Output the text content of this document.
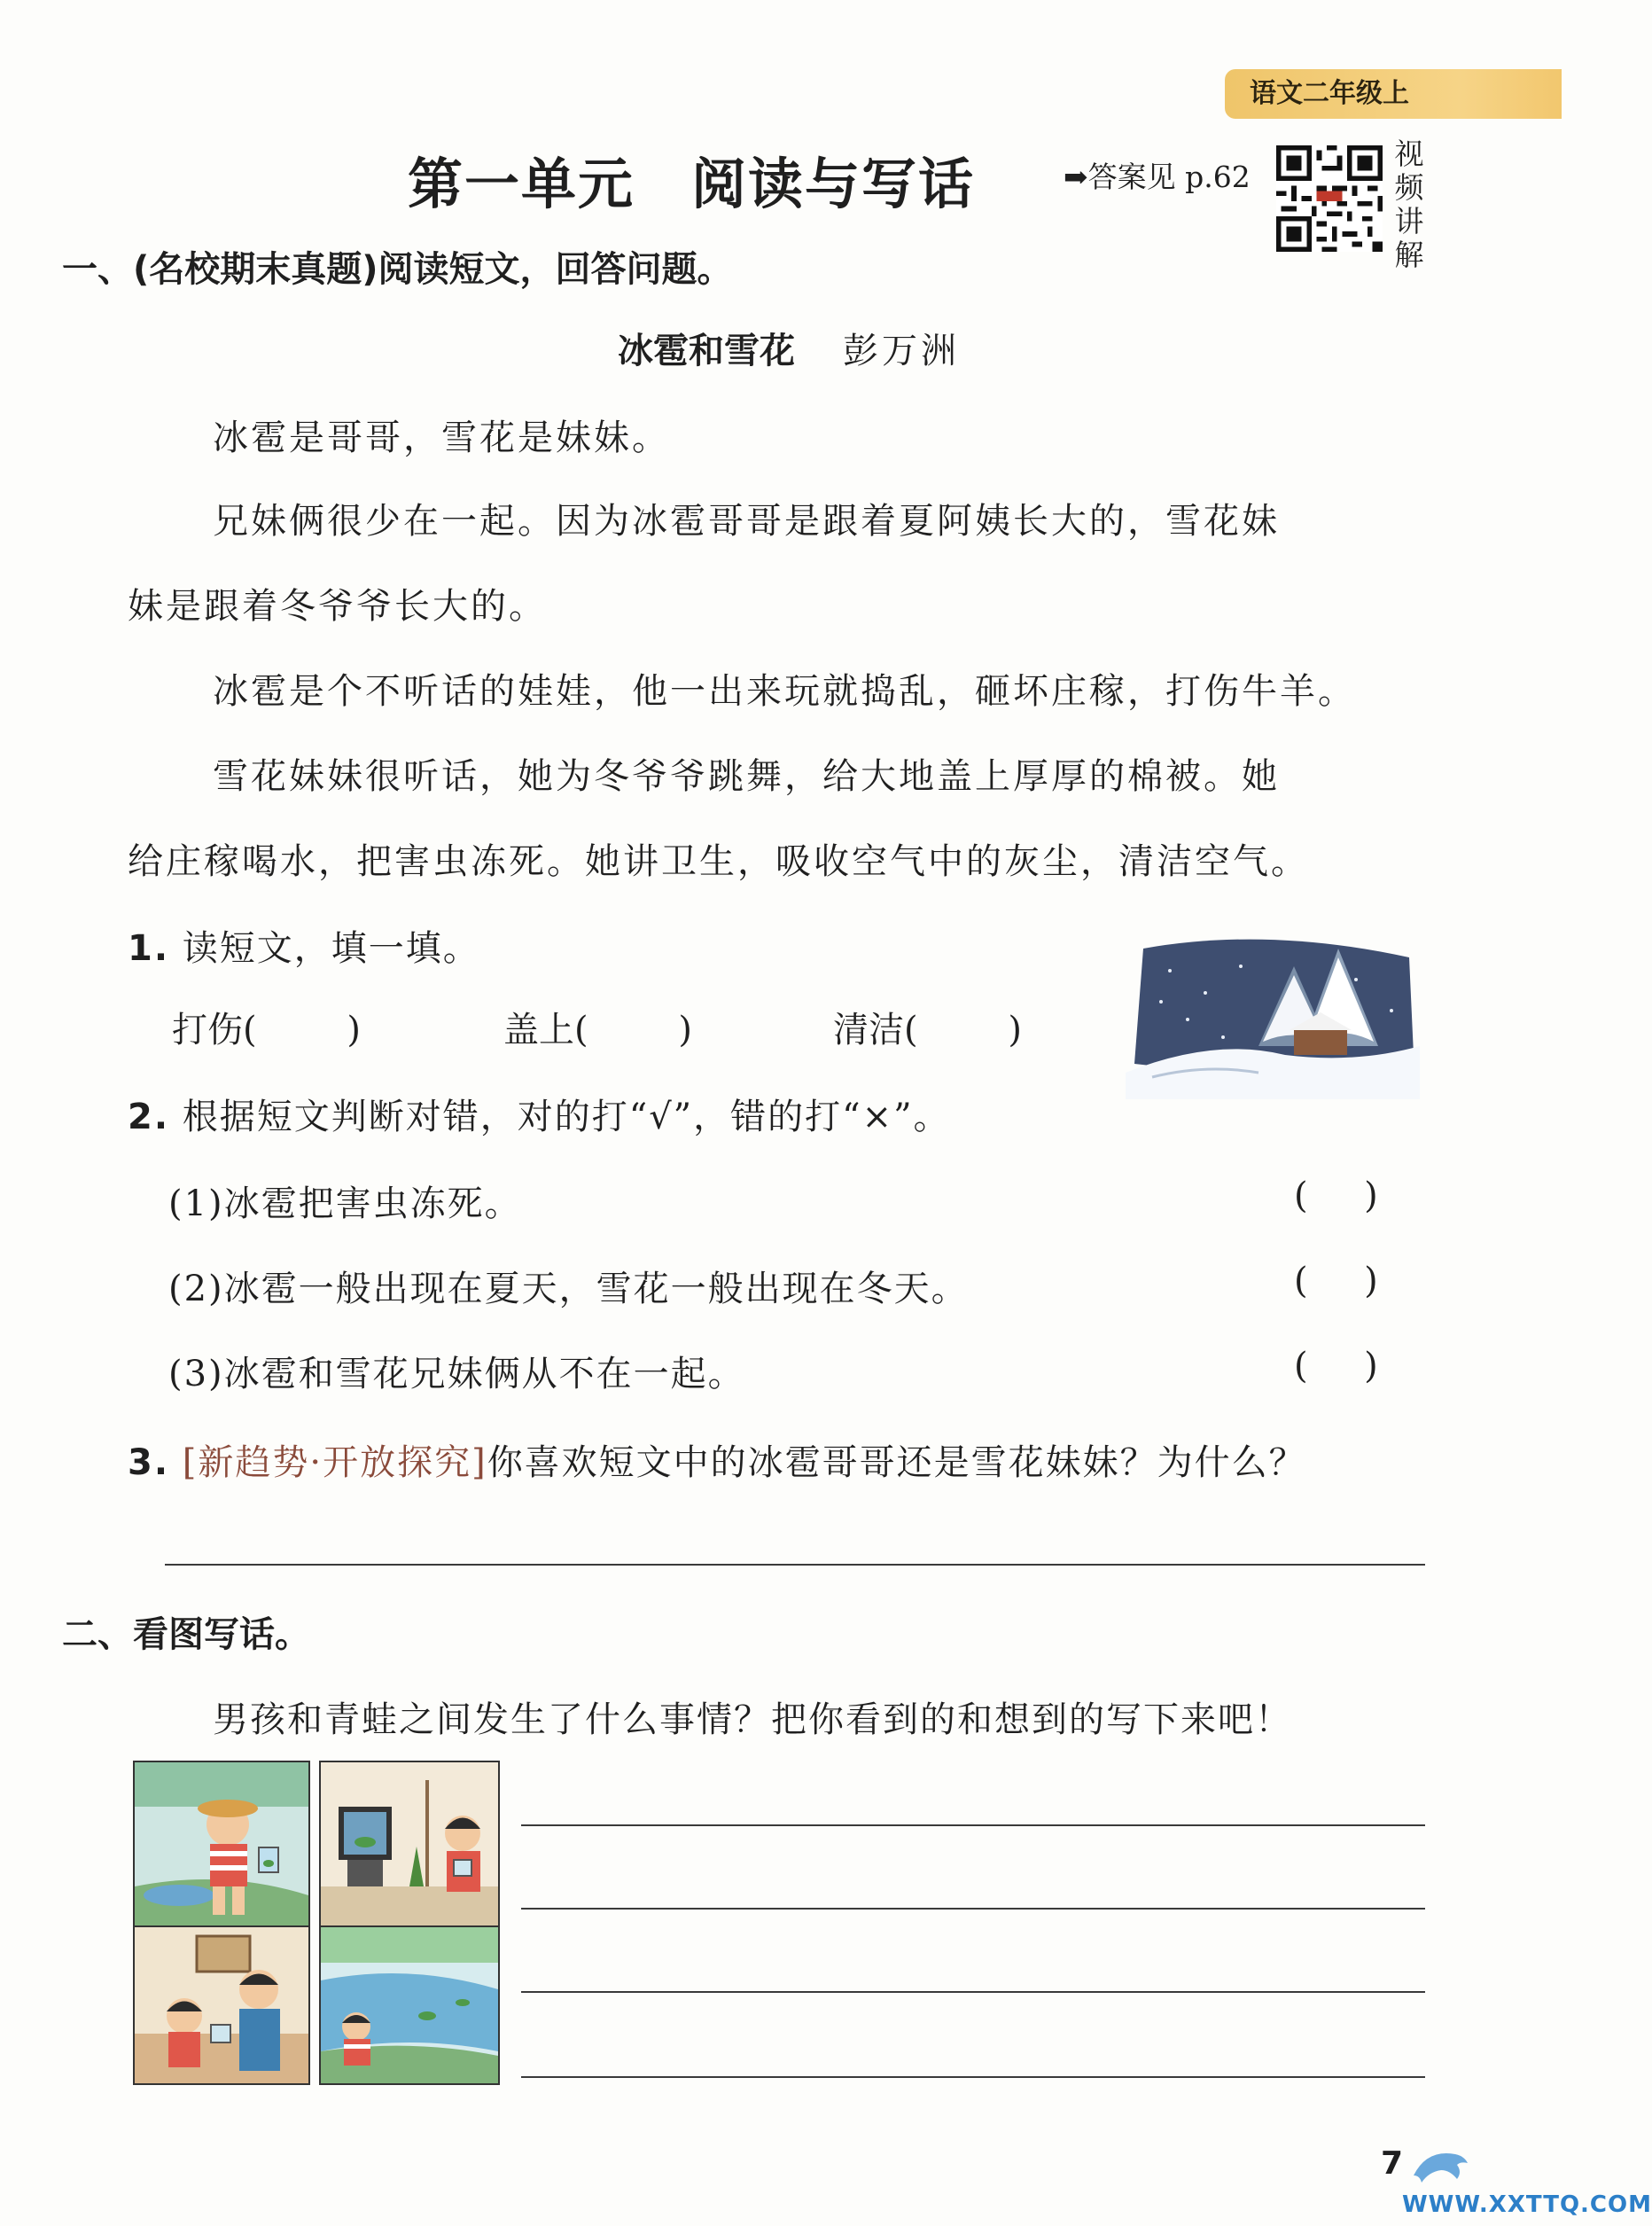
语文二年级上
第一单元　阅读与写话	➡答案见 p.62
视
频
讲
解
一、(名校期末真题)阅读短文，回答问题。
冰雹和雪花 彭万洲
冰雹是哥哥，雪花是妹妹。
兄妹俩很少在一起。因为冰雹哥哥是跟着夏阿姨长大的，雪花妹
妹是跟着冬爷爷长大的。
冰雹是个不听话的娃娃，他一出来玩就捣乱，砸坏庄稼，打伤牛羊。
雪花妹妹很听话，她为冬爷爷跳舞，给大地盖上厚厚的棉被。她
给庄稼喝水，把害虫冻死。她讲卫生，吸收空气中的灰尘，清洁空气。
1. 读短文，填一填。
打伤(        )	盖上(        )	清洁(        )
2. 根据短文判断对错，对的打“√”，错的打“×”。
(1)冰雹把害虫冻死。	(     )
(2)冰雹一般出现在夏天，雪花一般出现在冬天。	(     )
(3)冰雹和雪花兄妹俩从不在一起。	(     )
3. [新趋势·开放探究]你喜欢短文中的冰雹哥哥还是雪花妹妹？为什么？
二、看图写话。
男孩和青蛙之间发生了什么事情？把你看到的和想到的写下来吧！
7
WWW.XXTTQ.COM
